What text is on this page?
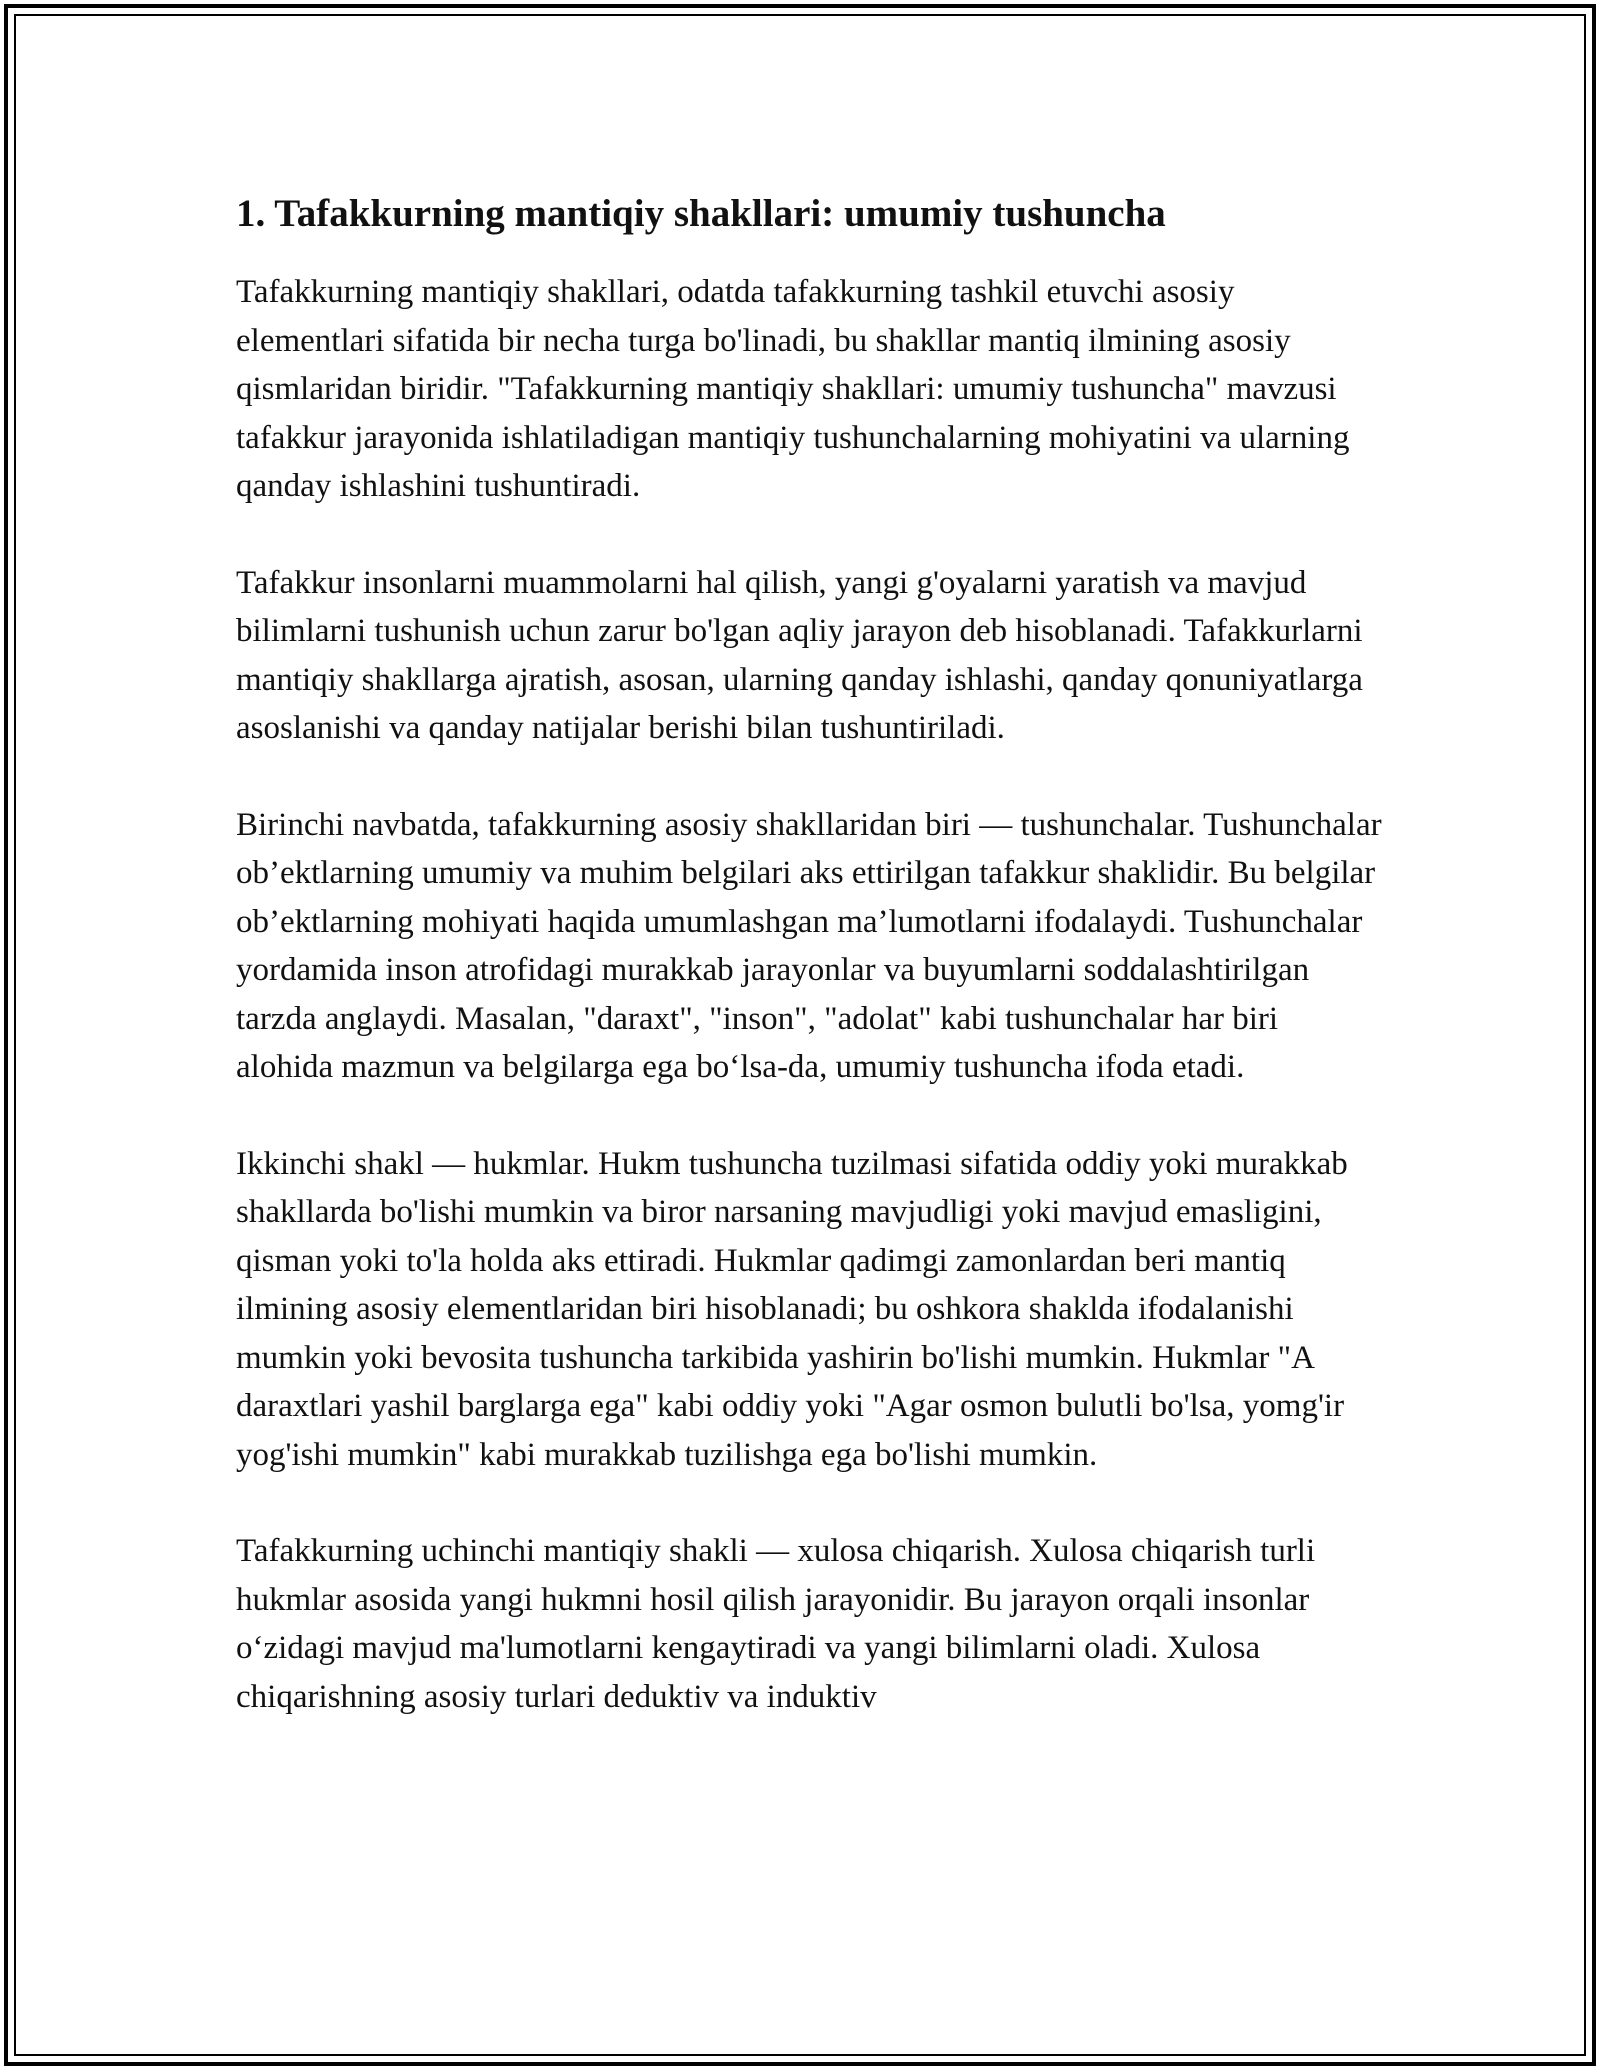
1. Tafakkurning mantiqiy shakllari: umumiy tushuncha

Tafakkurning mantiqiy shakllari, odatda tafakkurning tashkil etuvchi asosiy elementlari sifatida bir necha turga bo'linadi, bu shakllar mantiq ilmining asosiy qismlaridan biridir. "Tafakkurning mantiqiy shakllari: umumiy tushuncha" mavzusi tafakkur jarayonida ishlatiladigan mantiqiy tushunchalarning mohiyatini va ularning qanday ishlashini tushuntiradi.

Tafakkur insonlarni muammolarni hal qilish, yangi g'oyalarni yaratish va mavjud bilimlarni tushunish uchun zarur bo'lgan aqliy jarayon deb hisoblanadi. Tafakkurlarni mantiqiy shakllarga ajratish, asosan, ularning qanday ishlashi, qanday qonuniyatlarga asoslanishi va qanday natijalar berishi bilan tushuntiriladi.

Birinchi navbatda, tafakkurning asosiy shakllaridan biri — tushunchalar. Tushunchalar ob’ektlarning umumiy va muhim belgilari aks ettirilgan tafakkur shaklidir. Bu belgilar ob’ektlarning mohiyati haqida umumlashgan ma’lumotlarni ifodalaydi. Tushunchalar yordamida inson atrofidagi murakkab jarayonlar va buyumlarni soddalashtirilgan tarzda anglaydi. Masalan, "daraxt", "inson", "adolat" kabi tushunchalar har biri alohida mazmun va belgilarga ega bo‘lsa-da, umumiy tushuncha ifoda etadi.

Ikkinchi shakl — hukmlar. Hukm tushuncha tuzilmasi sifatida oddiy yoki murakkab shakllarda bo'lishi mumkin va biror narsaning mavjudligi yoki mavjud emasligini, qisman yoki to'la holda aks ettiradi. Hukmlar qadimgi zamonlardan beri mantiq ilmining asosiy elementlaridan biri hisoblanadi; bu oshkora shaklda ifodalanishi mumkin yoki bevosita tushuncha tarkibida yashirin bo'lishi mumkin. Hukmlar "A daraxtlari yashil barglarga ega" kabi oddiy yoki "Agar osmon bulutli bo'lsa, yomg'ir yog'ishi mumkin" kabi murakkab tuzilishga ega bo'lishi mumkin.

Tafakkurning uchinchi mantiqiy shakli — xulosa chiqarish. Xulosa chiqarish turli hukmlar asosida yangi hukmni hosil qilish jarayonidir. Bu jarayon orqali insonlar o‘zidagi mavjud ma'lumotlarni kengaytiradi va yangi bilimlarni oladi. Xulosa chiqarishning asosiy turlari deduktiv va induktiv
